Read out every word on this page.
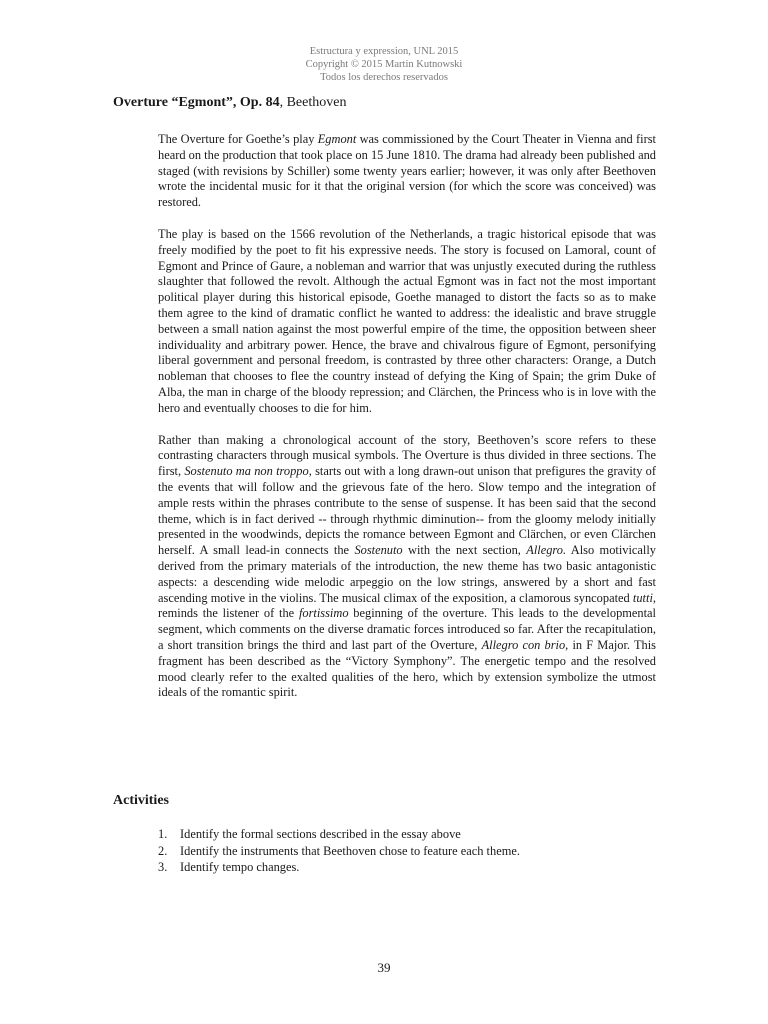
Estructura y expression, UNL 2015
Copyright © 2015 Martin Kutnowski
Todos los derechos reservados
Overture “Egmont”, Op. 84, Beethoven

The Overture for Goethe’s play Egmont was commissioned by the Court Theater in Vienna and first heard on the production that took place on 15 June 1810. The drama had already been published and staged (with revisions by Schiller) some twenty years earlier; however, it was only after Beethoven wrote the incidental music for it that the original version (for which the score was conceived) was restored.

The play is based on the 1566 revolution of the Netherlands, a tragic historical episode that was freely modified by the poet to fit his expressive needs. The story is focused on Lamoral, count of Egmont and Prince of Gaure, a nobleman and warrior that was unjustly executed during the ruthless slaughter that followed the revolt. Although the actual Egmont was in fact not the most important political player during this historical episode, Goethe managed to distort the facts so as to make them agree to the kind of dramatic conflict he wanted to address: the idealistic and brave struggle between a small nation against the most powerful empire of the time, the opposition between sheer individuality and arbitrary power. Hence, the brave and chivalrous figure of Egmont, personifying liberal government and personal freedom, is contrasted by three other characters: Orange, a Dutch nobleman that chooses to flee the country instead of defying the King of Spain; the grim Duke of Alba, the man in charge of the bloody repression; and Clärchen, the Princess who is in love with the hero and eventually chooses to die for him.

Rather than making a chronological account of the story, Beethoven’s score refers to these contrasting characters through musical symbols. The Overture is thus divided in three sections. The first, Sostenuto ma non troppo, starts out with a long drawn-out unison that prefigures the gravity of the events that will follow and the grievous fate of the hero. Slow tempo and the integration of ample rests within the phrases contribute to the sense of suspense. It has been said that the second theme, which is in fact derived -- through rhythmic diminution-- from the gloomy melody initially presented in the woodwinds, depicts the romance between Egmont and Clärchen, or even Clärchen herself. A small lead-in connects the Sostenuto with the next section, Allegro. Also motivically derived from the primary materials of the introduction, the new theme has two basic antagonistic aspects: a descending wide melodic arpeggio on the low strings, answered by a short and fast ascending motive in the violins. The musical climax of the exposition, a clamorous syncopated tutti, reminds the listener of the fortissimo beginning of the overture. This leads to the developmental segment, which comments on the diverse dramatic forces introduced so far. After the recapitulation, a short transition brings the third and last part of the Overture, Allegro con brio, in F Major. This fragment has been described as the “Victory Symphony”. The energetic tempo and the resolved mood clearly refer to the exalted qualities of the hero, which by extension symbolize the utmost ideals of the romantic spirit.

Activities
1. Identify the formal sections described in the essay above
2. Identify the instruments that Beethoven chose to feature each theme.
3. Identify tempo changes.
39
